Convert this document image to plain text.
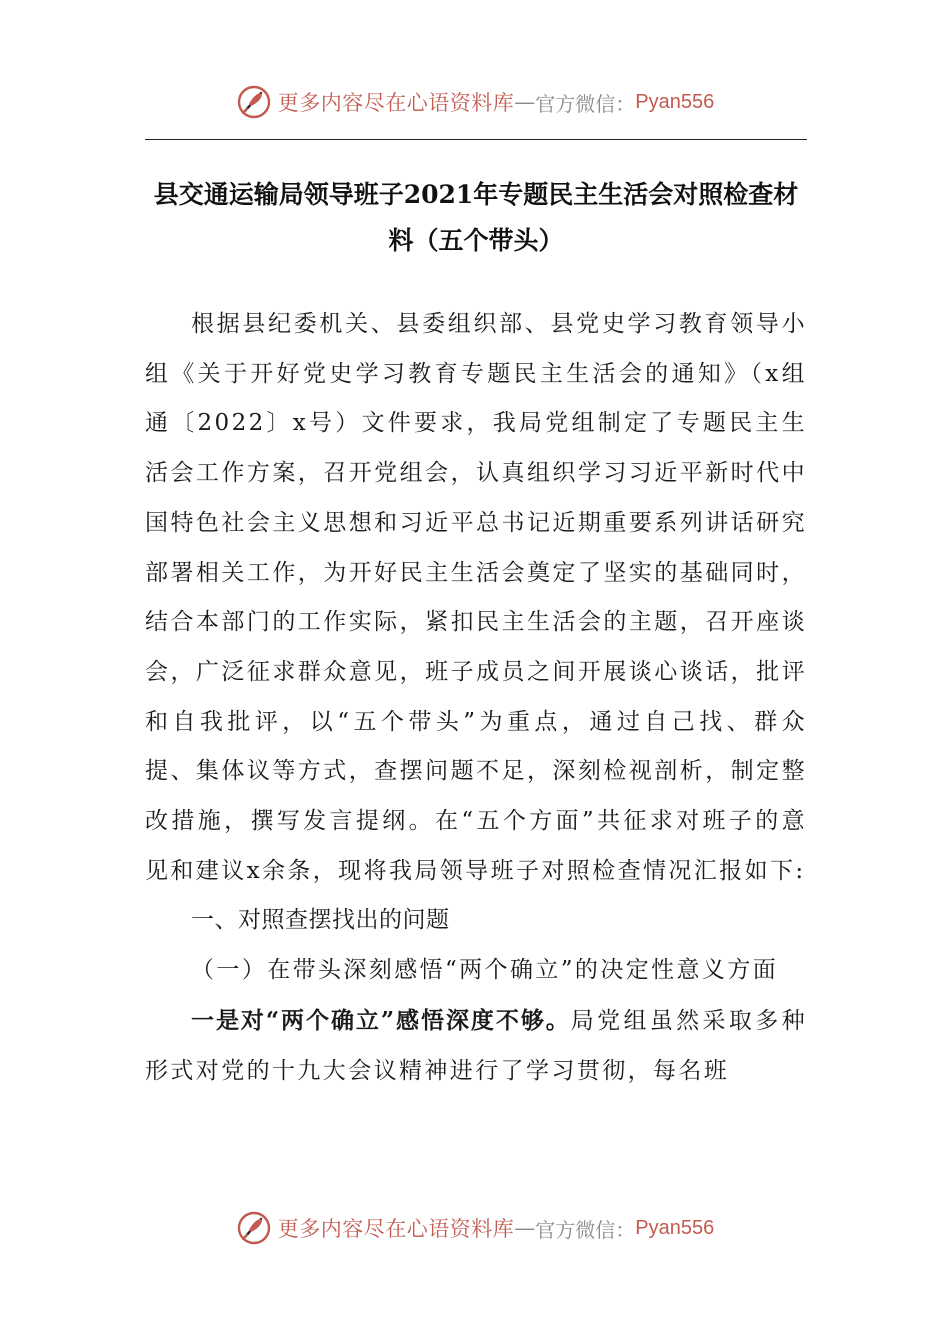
更多内容尽在心语资料库 — 官方微信： Pyan556
县交通运输局领导班子2021年专题民主生活会对照检查材料（五个带头）

根据县纪委机关、县委组织部、县党史学习教育领导小组《关于开好党史学习教育专题民主生活会的通知》（x组通〔2022〕x号）文件要求，我局党组制定了专题民主生活会工作方案，召开党组会，认真组织学习习近平新时代中国特色社会主义思想和习近平总书记近期重要系列讲话研究部署相关工作，为开好民主生活会奠定了坚实的基础同时，结合本部门的工作实际，紧扣民主生活会的主题，召开座谈会，广泛征求群众意见，班子成员之间开展谈心谈话，批评和自我批评，以“五个带头”为重点，通过自己找、群众提、集体议等方式，查摆问题不足，深刻检视剖析，制定整改措施，撰写发言提纲。在“五个方面”共征求对班子的意见和建议x余条，现将我局领导班子对照检查情况汇报如下:

一、对照查摆找出的问题

（一）在带头深刻感悟“两个确立”的决定性意义方面

一是对“两个确立”感悟深度不够。局党组虽然采取多种形式对党的十九大会议精神进行了学习贯彻，每名班

更多内容尽在心语资料库 — 官方微信： Pyan556
